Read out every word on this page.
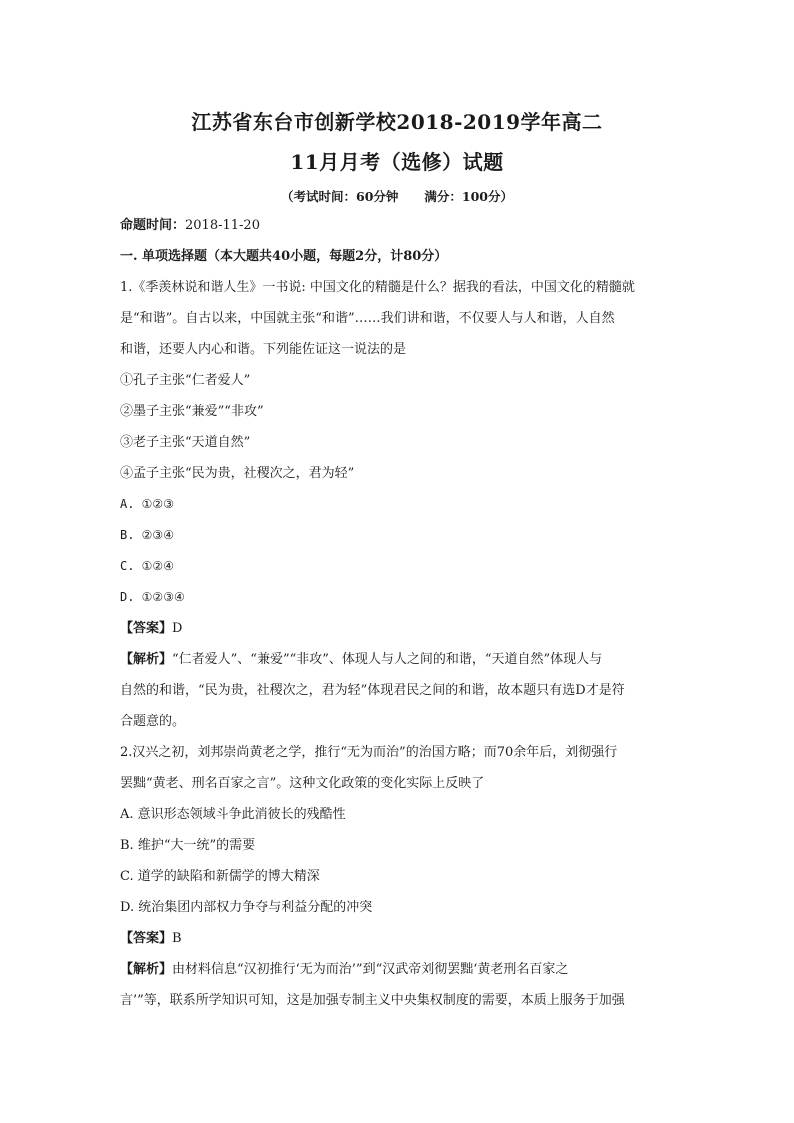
江苏省东台市创新学校2018-2019学年高二
11月月考（选修）试题
（考试时间：60分钟 满分：100分）
命题时间：2018-11-20
一. 单项选择题（本大题共40小题，每题2分，计80分）
1.《季羡林说和谐人生》一书说: 中国文化的精髓是什么？据我的看法，中国文化的精髓就
是“和谐”。自古以来，中国就主张“和谐”……我们讲和谐，不仅要人与人和谐，人自然
和谐，还要人内心和谐。下列能佐证这一说法的是
①孔子主张“仁者爱人”
②墨子主张“兼爱”“非攻”
③老子主张“天道自然”
④孟子主张“民为贵，社稷次之，君为轻”
A. ①②③
B. ②③④
C. ①②④
D. ①②③④
【答案】D
【解析】“仁者爱人”、“兼爱”“非攻”、体现人与人之间的和谐，“天道自然”体现人与
自然的和谐，“民为贵，社稷次之，君为轻”体现君民之间的和谐，故本题只有选D才是符
合题意的。
2.汉兴之初，刘邦崇尚黄老之学，推行“无为而治”的治国方略；而70余年后，刘彻强行
罢黜“黄老、刑名百家之言”。这种文化政策的变化实际上反映了
A. 意识形态领域斗争此消彼长的残酷性
B. 维护“大一统”的需要
C. 道学的缺陷和新儒学的博大精深
D. 统治集团内部权力争夺与利益分配的冲突
【答案】B
【解析】由材料信息“汉初推行‘无为而治’”到“汉武帝刘彻罢黜‘黄老刑名百家之
言’”等，联系所学知识可知，这是加强专制主义中央集权制度的需要，本质上服务于加强
